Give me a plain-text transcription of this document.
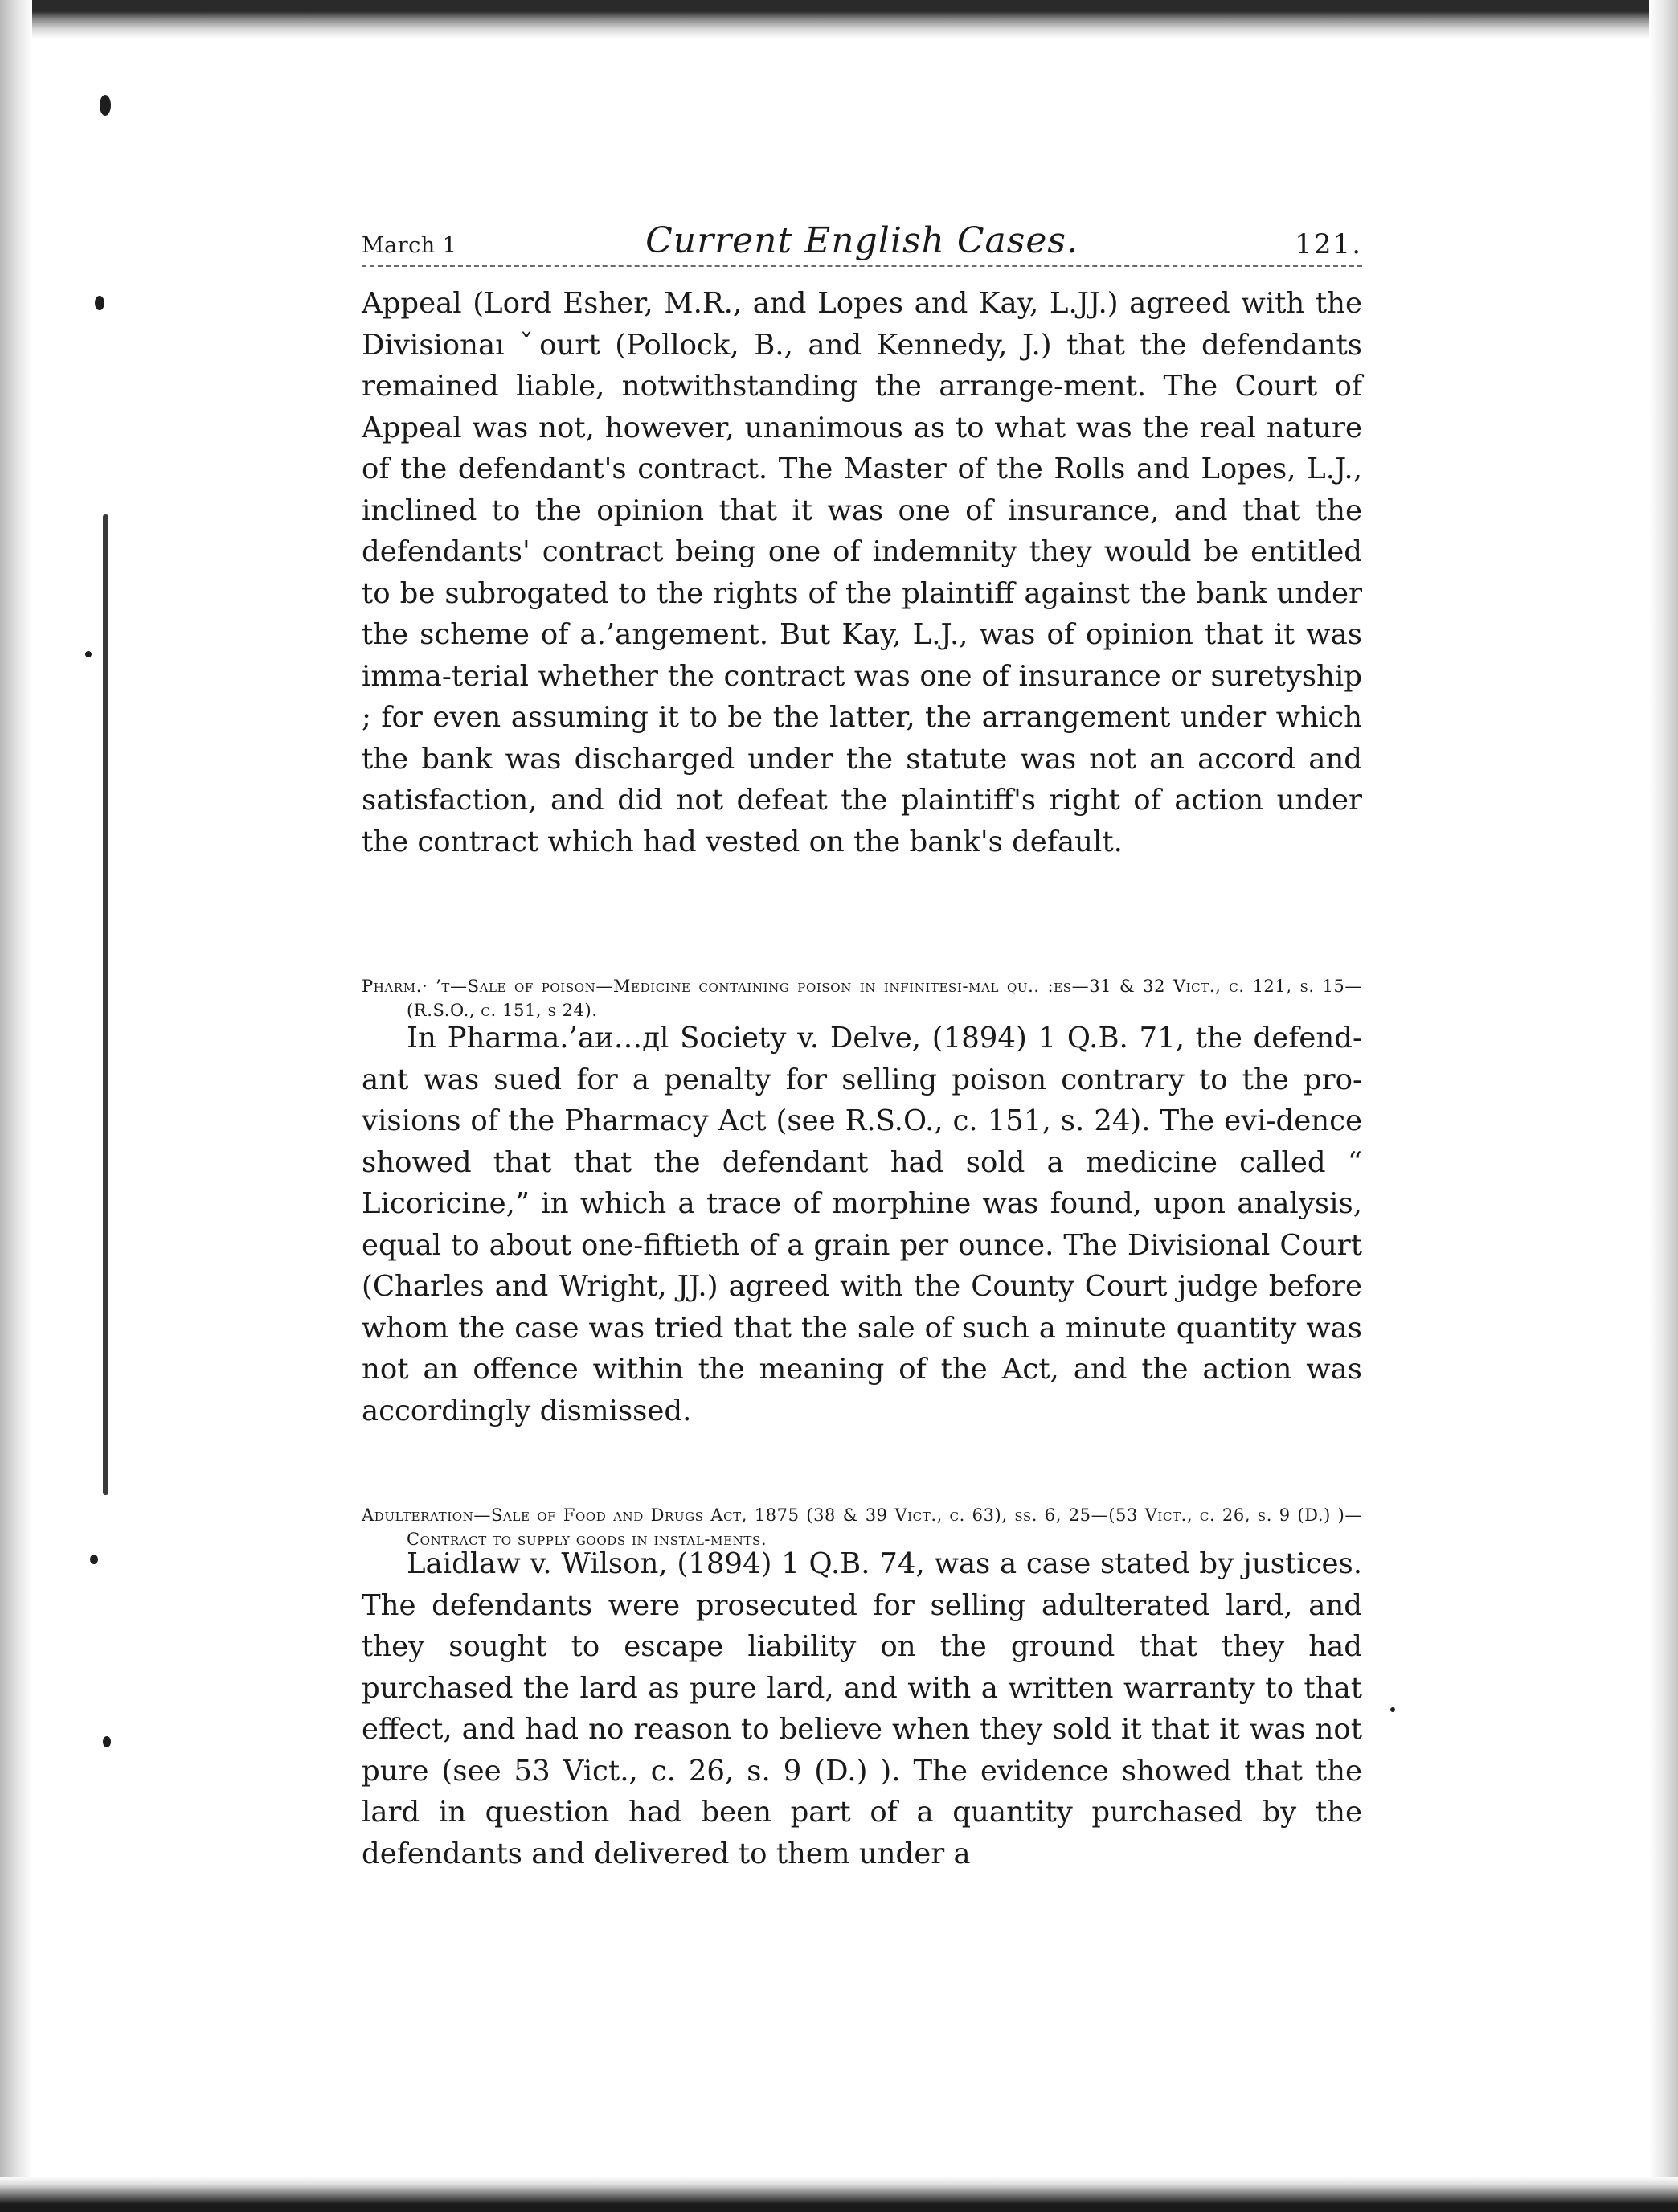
March 1	Current English Cases.	121.

Appeal (Lord Esher, M.R., and Lopes and Kay, L.JJ.) agreed with the Divisionaı ˇourt (Pollock, B., and Kennedy, J.) that the defendants remained liable, notwithstanding the arrange-ment. The Court of Appeal was not, however, unanimous as to what was the real nature of the defendant's contract. The Master of the Rolls and Lopes, L.J., inclined to the opinion that it was one of insurance, and that the defendants' contract being one of indemnity they would be entitled to be subrogated to the rights of the plaintiff against the bank under the scheme of a.’angement. But Kay, L.J., was of opinion that it was imma-terial whether the contract was one of insurance or suretyship ; for even assuming it to be the latter, the arrangement under which the bank was discharged under the statute was not an accord and satisfaction, and did not defeat the plaintiff's right of action under the contract which had vested on the bank's default.

Pharm.· ’t—Sale of poison—Medicine containing poison in infinitesi-mal qu.. :es—31 & 32 Vict., c. 121, s. 15—(R.S.O., c. 151, s 24).

In Pharma.’аи…дl Society v. Delve, (1894) 1 Q.B. 71, the defend-ant was sued for a penalty for selling poison contrary to the pro-visions of the Pharmacy Act (see R.S.O., c. 151, s. 24). The evi-dence showed that that the defendant had sold a medicine called “ Licoricine,” in which a trace of morphine was found, upon analysis, equal to about one-fiftieth of a grain per ounce. The Divisional Court (Charles and Wright, JJ.) agreed with the County Court judge before whom the case was tried that the sale of such a minute quantity was not an offence within the meaning of the Act, and the action was accordingly dismissed.

Adulteration—Sale of Food and Drugs Act, 1875 (38 & 39 Vict., c. 63), ss. 6, 25—(53 Vict., c. 26, s. 9 (D.) )—Contract to supply goods in instal-ments.

Laidlaw v. Wilson, (1894) 1 Q.B. 74, was a case stated by justices. The defendants were prosecuted for selling adulterated lard, and they sought to escape liability on the ground that they had purchased the lard as pure lard, and with a written warranty to that effect, and had no reason to believe when they sold it that it was not pure (see 53 Vict., c. 26, s. 9 (D.) ). The evidence showed that the lard in question had been part of a quantity purchased by the defendants and delivered to them under a
